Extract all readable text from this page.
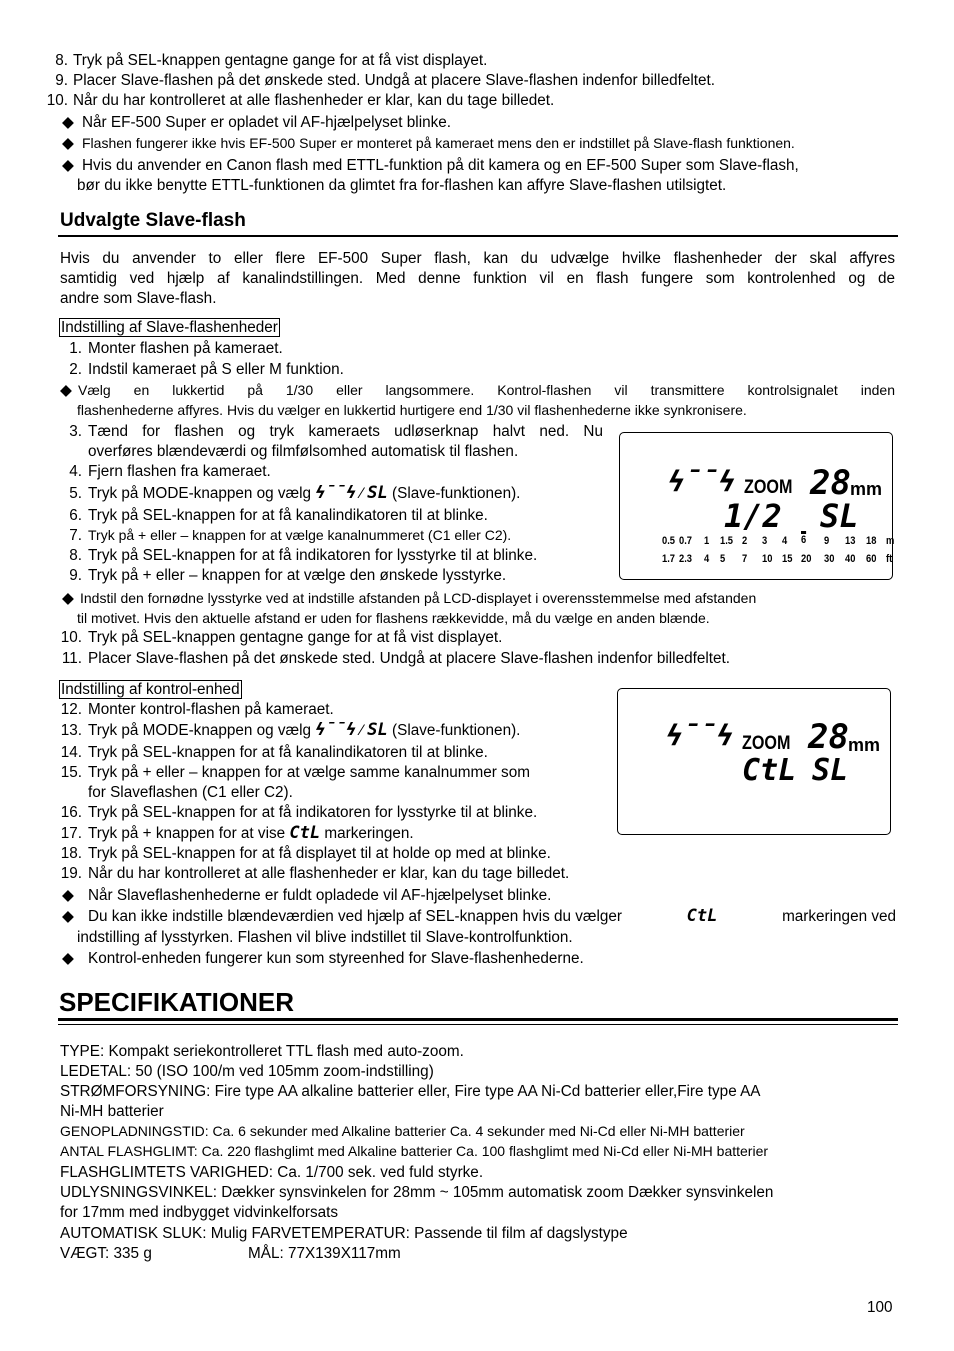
8. Tryk på SEL-knappen gentagne gange for at få vist displayet.
9. Placer Slave-flashen på det ønskede sted. Undgå at placere Slave-flashen indenfor billedfeltet.
10. Når du har kontrolleret at alle flashenheder er klar, kan du tage billedet.
◆ Når EF-500 Super er opladet vil AF-hjælpelyset blinke.
◆ Flashen fungerer ikke hvis EF-500 Super er monteret på kameraet mens den er indstillet på Slave-flash funktionen.
◆ Hvis du anvender en Canon flash med ETTL-funktion på dit kamera og en EF-500 Super som Slave-flash,
bør du ikke benytte ETTL-funktionen da glimtet fra for-flashen kan affyre Slave-flashen utilsigtet.
Udvalgte Slave-flash
Hvis du anvender to eller flere EF-500 Super flash, kan du udvælge hvilke flashenheder der skal affyres
samtidig ved hjælp af kanalindstillingen. Med denne funktion vil en flash fungere som kontrolenhed og de
andre som Slave-flash.
Indstilling af Slave-flashenheder
1. Monter flashen på kameraet.
2. Indstil kameraet på S eller M funktion.
◆ Vælg en lukkertid på 1/30 eller langsommere. Kontrol-flashen vil transmittere kontrolsignalet inden
flashenhederne affyres. Hvis du vælger en lukkertid hurtigere end 1/30 vil flashenhederne ikke synkronisere.
3. Tænd for flashen og tryk kameraets udløserknap halvt ned. Nu
overføres blændeværdi og filmfølsomhed automatisk til flashen.
4. Fjern flashen fra kameraet.
5. Tryk på MODE-knappen og vælg ϟ¯¯ϟ ∕ SL (Slave-funktionen).
6. Tryk på SEL-knappen for at få kanalindikatoren til at blinke.
7. Tryk på + eller – knappen for at vælge kanalnummeret (C1 eller C2).
8. Tryk på SEL-knappen for at få indikatoren for lysstyrke til at blinke.
9. Tryk på + eller – knappen for at vælge den ønskede lysstyrke.
ϟ¯¯ϟ ZOOM 28 mm
1/2 SL
0.5 0.7 1 1.5 2 3 4 6 9 13 18 m
1.7 2.3 4 5 7 10 15 20 30 40 60 ft
◆ Indstil den fornødne lysstyrke ved at indstille afstanden på LCD-displayet i overensstemmelse med afstanden
til motivet. Hvis den aktuelle afstand er uden for flashens rækkevidde, må du vælge en anden blænde.
10. Tryk på SEL-knappen gentagne gange for at få vist displayet.
11. Placer Slave-flashen på det ønskede sted. Undgå at placere Slave-flashen indenfor billedfeltet.
Indstilling af kontrol-enhed
12. Monter kontrol-flashen på kameraet.
13. Tryk på MODE-knappen og vælg ϟ¯¯ϟ ∕ SL (Slave-funktionen).
14. Tryk på SEL-knappen for at få kanalindikatoren til at blinke.
15. Tryk på + eller – knappen for at vælge samme kanalnummer som
for Slaveflashen (C1 eller C2).
16. Tryk på SEL-knappen for at få indikatoren for lysstyrke til at blinke.
17. Tryk på + knappen for at vise CtL markeringen.
18. Tryk på SEL-knappen for at få displayet til at holde op med at blinke.
19. Når du har kontrolleret at alle flashenheder er klar, kan du tage billedet.
ϟ¯¯ϟ ZOOM 28 mm
CtL SL
◆ Når Slaveflashenhederne er fuldt opladede vil AF-hjælpelyset blinke.
◆ Du kan ikke indstille blændeværdien ved hjælp af SEL-knappen hvis du vælger	CtL	markeringen ved
indstilling af lysstyrken. Flashen vil blive indstillet til Slave-kontrolfunktion.
◆ Kontrol-enheden fungerer kun som styreenhed for Slave-flashenhederne.
SPECIFIKATIONER
TYPE: Kompakt seriekontrolleret TTL flash med auto-zoom.
LEDETAL: 50 (ISO 100/m ved 105mm zoom-indstilling)
STRØMFORSYNING: Fire type AA alkaline batterier eller, Fire type AA Ni-Cd batterier eller,Fire type AA
Ni-MH batterier
GENOPLADNINGSTID: Ca. 6 sekunder med Alkaline batterier Ca. 4 sekunder med Ni-Cd eller Ni-MH batterier
ANTAL FLASHGLIMT: Ca. 220 flashglimt med Alkaline batterier Ca. 100 flashglimt med Ni-Cd eller Ni-MH batterier
FLASHGLIMTETS VARIGHED: Ca. 1/700 sek. ved fuld styrke.
UDLYSNINGSVINKEL: Dækker synsvinkelen for 28mm ~ 105mm automatisk zoom Dækker synsvinkelen
for 17mm med indbygget vidvinkelforsats
AUTOMATISK SLUK: Mulig FARVETEMPERATUR: Passende til film af dagslystype
VÆGT: 335 g	MÅL: 77X139X117mm
100
